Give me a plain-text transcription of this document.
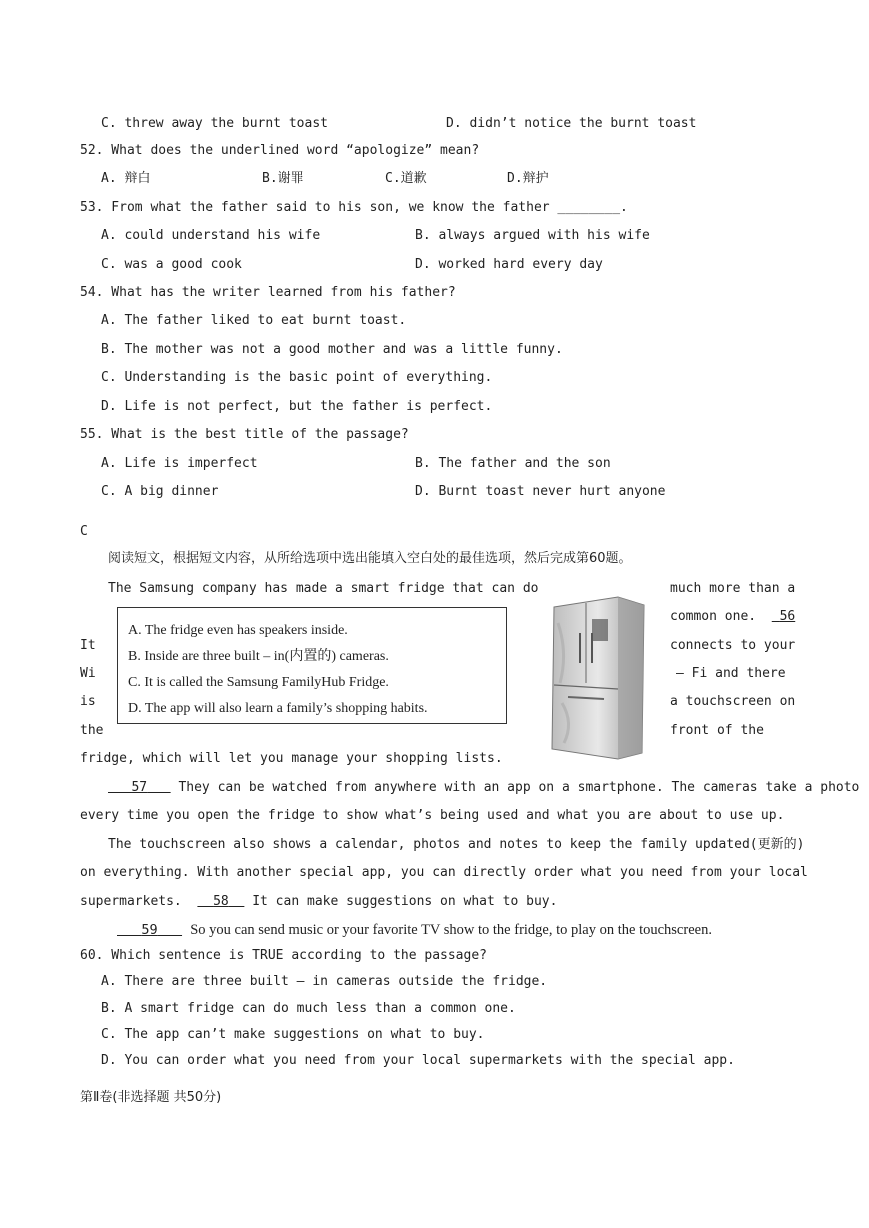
C. threw away the burnt toast	D. didn’t notice the burnt toast
52. What does the underlined word “apologize” mean?
A. 辩白	B.谢罪	C.道歉	D.辩护
53. From what the father said to his son, we know the father ________.
A. could understand his wife	B. always argued with his wife
C. was a good cook	D. worked hard every day
54. What has the writer learned from his father?
A. The father liked to eat burnt toast.
B. The mother was not a good mother and was a little funny.
C. Understanding is the basic point of everything.
D. Life is not perfect, but the father is perfect.
55. What is the best title of the passage?
A. Life is imperfect	B. The father and the son
C. A big dinner	D. Burnt toast never hurt anyone
C
阅读短文，根据短文内容，从所给选项中选出能填入空白处的最佳选项，然后完成第60题。
The Samsung company has made a smart fridge that can do	much more than a
common one. 56
It	connects to your
Wi	– Fi and there
is	a touchscreen on
the	front of the
fridge, which will let you manage your shopping lists.
A. The fridge even has speakers inside.
B. Inside are three built – in(内置的) cameras.
C. It is called the Samsung FamilyHub Fridge.
D. The app will also learn a family’s shopping habits.
57 They can be watched from anywhere with an app on a smartphone. The cameras take a photo
every time you open the fridge to show what’s being used and what you are about to use up.
The touchscreen also shows a calendar, photos and notes to keep the family updated(更新的)
on everything. With another special app, you can directly order what you need from your local
supermarkets. 58 It can make suggestions on what to buy.
59 So you can send music or your favorite TV show to the fridge, to play on the touchscreen.
60. Which sentence is TRUE according to the passage?
A. There are three built – in cameras outside the fridge.
B. A smart fridge can do much less than a common one.
C. The app can’t make suggestions on what to buy.
D. You can order what you need from your local supermarkets with the special app.
第Ⅱ卷(非选择题 共50分)
